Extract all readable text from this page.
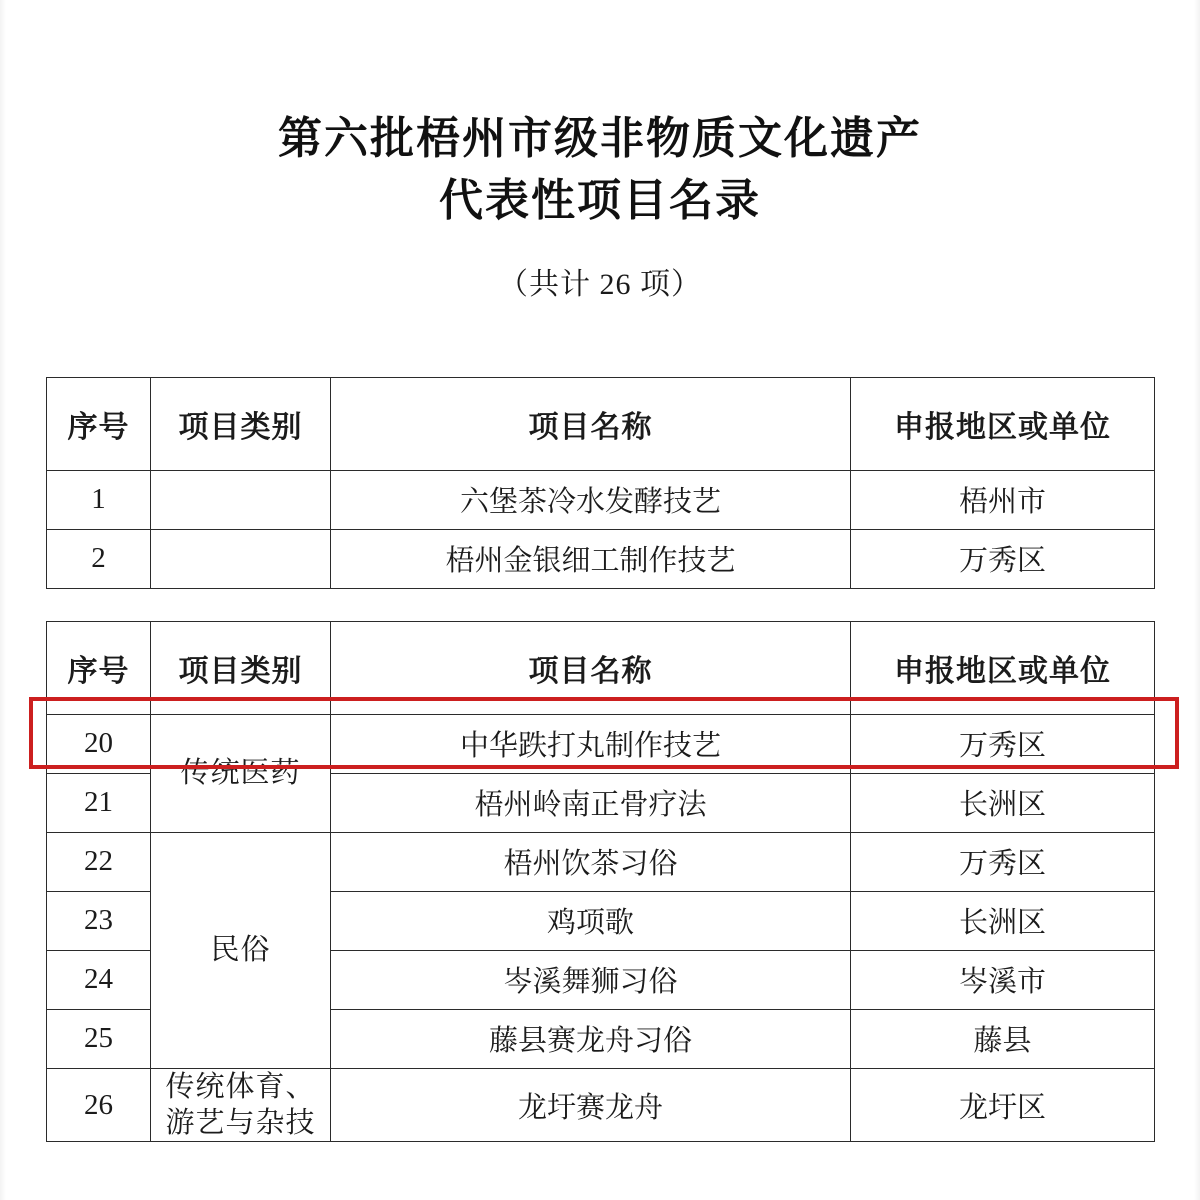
第六批梧州市级非物质文化遗产
代表性项目名录
（共计 26 项）
序号	项目类别	项目名称	申报地区或单位
1		六堡茶冷水发酵技艺	梧州市
2		梧州金银细工制作技艺	万秀区
序号	项目类别	项目名称	申报地区或单位
20	传统医药	中华跌打丸制作技艺	万秀区
21		梧州岭南正骨疗法	长洲区
22	民俗	梧州饮茶习俗	万秀区
23		鸡项歌	长洲区
24		岑溪舞狮习俗	岑溪市
25		藤县赛龙舟习俗	藤县
26	传统体育、游艺与杂技	龙圩赛龙舟	龙圩区
